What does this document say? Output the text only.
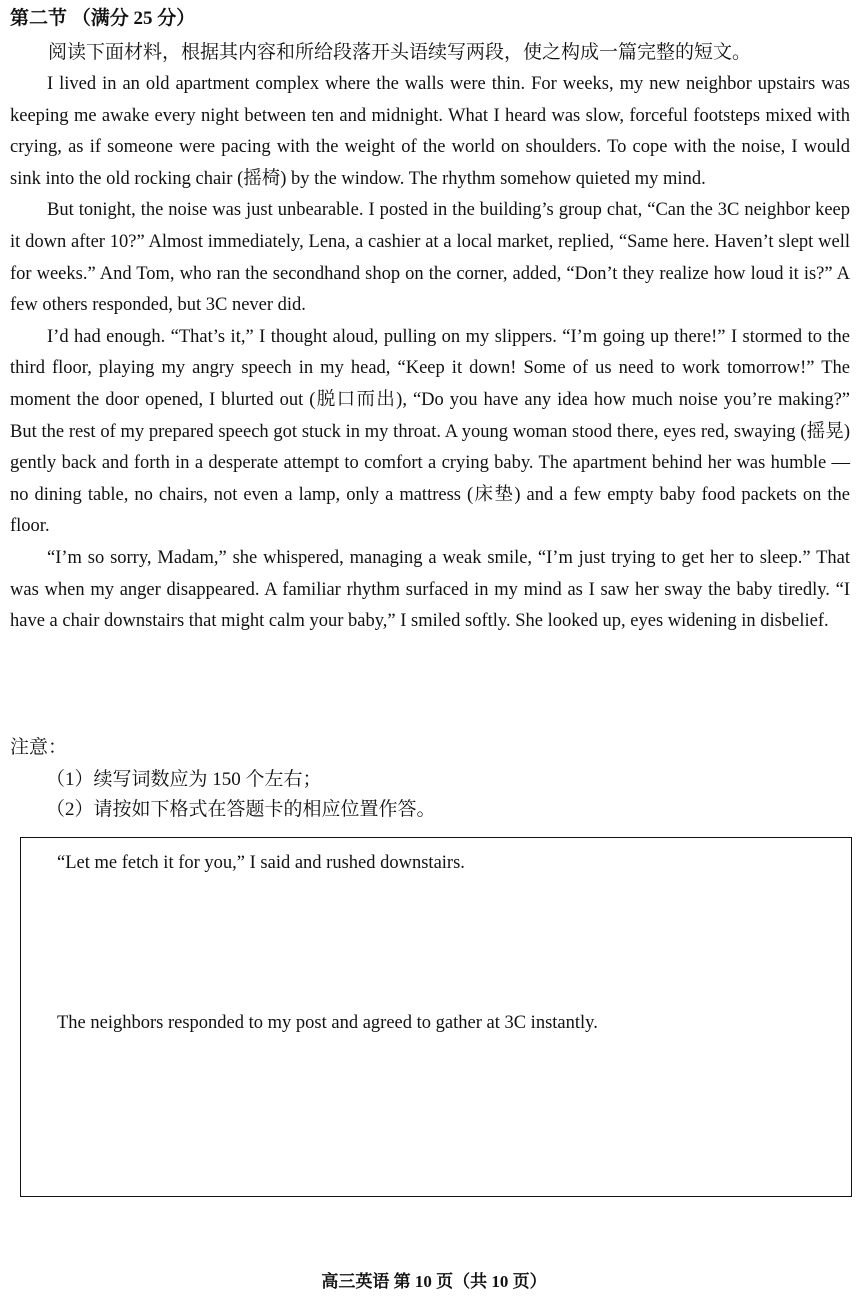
第二节 （满分 25 分）
阅读下面材料，根据其内容和所给段落开头语续写两段，使之构成一篇完整的短文。

I lived in an old apartment complex where the walls were thin. For weeks, my new neighbor upstairs was keeping me awake every night between ten and midnight. What I heard was slow, forceful footsteps mixed with crying, as if someone were pacing with the weight of the world on shoulders. To cope with the noise, I would sink into the old rocking chair (摇椅) by the window. The rhythm somehow quieted my mind.

But tonight, the noise was just unbearable. I posted in the building’s group chat, “Can the 3C neighbor keep it down after 10?” Almost immediately, Lena, a cashier at a local market, replied, “Same here. Haven’t slept well for weeks.” And Tom, who ran the secondhand shop on the corner, added, “Don’t they realize how loud it is?” A few others responded, but 3C never did.

I’d had enough. “That’s it,” I thought aloud, pulling on my slippers. “I’m going up there!” I stormed to the third floor, playing my angry speech in my head, “Keep it down! Some of us need to work tomorrow!” The moment the door opened, I blurted out (脱口而出), “Do you have any idea how much noise you’re making?” But the rest of my prepared speech got stuck in my throat. A young woman stood there, eyes red, swaying (摇晃) gently back and forth in a desperate attempt to comfort a crying baby. The apartment behind her was humble — no dining table, no chairs, not even a lamp, only a mattress (床垫) and a few empty baby food packets on the floor.

“I’m so sorry, Madam,” she whispered, managing a weak smile, “I’m just trying to get her to sleep.” That was when my anger disappeared. A familiar rhythm surfaced in my mind as I saw her sway the baby tiredly. “I have a chair downstairs that might calm your baby,” I smiled softly. She looked up, eyes widening in disbelief.

注意：
（1）续写词数应为 150 个左右；
（2）请按如下格式在答题卡的相应位置作答。
“Let me fetch it for you,” I said and rushed downstairs.
The neighbors responded to my post and agreed to gather at 3C instantly.
高三英语 第 10 页（共 10 页）
